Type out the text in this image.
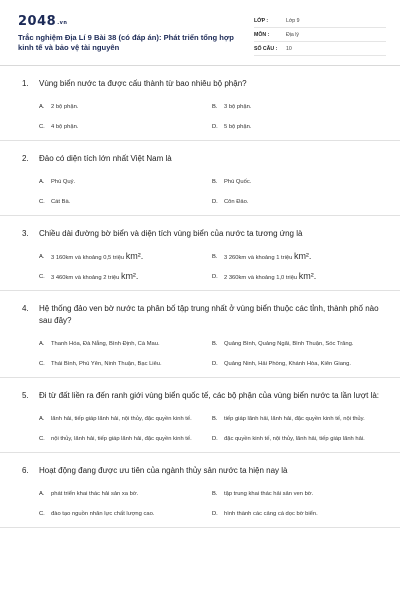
$2048^{.vn}$
Trắc nghiệm Địa Lí 9 Bài 38 (có đáp án): Phát triển tổng hợp kinh tế và bảo vệ tài nguyên
LỚP :	Lớp 9
MÔN :	Địa lý
SỐ CÂU :	10
1.	Vùng biển nước ta được cấu thành từ bao nhiêu bộ phận?
A.	2 bộ phận.	B.	3 bộ phận.
C.	4 bộ phận.	D.	5 bộ phận.
2.	Đảo có diện tích lớn nhất Việt Nam là
A.	Phú Quý.	B.	Phú Quốc.
C.	Cát Bà.	D.	Côn Đảo.
3.	Chiều dài đường bờ biển và diện tích vùng biển của nước ta tương ứng là
A.	3 160km và khoảng 0,5 triệu km².	B.	3 260km và khoảng 1 triệu km².
C.	3 460km và khoảng 2 triệu km².	D.	2 360km và khoảng 1,0 triệu km².
4.	Hệ thống đảo ven bờ nước ta phân bố tập trung nhất ở vùng biển thuộc các tỉnh, thành phố nào sau đây?
A.	Thanh Hóa, Đà Nẵng, Bình Định, Cà Mau.	B.	Quảng Bình, Quảng Ngãi, Bình Thuận, Sóc Trăng.
C.	Thái Bình, Phú Yên, Ninh Thuận, Bạc Liêu.	D.	Quảng Ninh, Hải Phòng, Khánh Hòa, Kiên Giang.
5.	Đi từ đất liền ra đến ranh giới vùng biển quốc tế, các bộ phận của vùng biển nước ta lần lượt là:
A.	lãnh hải, tiếp giáp lãnh hải, nội thủy, đặc quyền kinh tế.	B.	tiếp giáp lãnh hải, lãnh hải, đặc quyền kinh tế, nội thủy.
C.	nội thủy, lãnh hải, tiếp giáp lãnh hải, đặc quyền kinh tế.	D.	đặc quyền kinh tế, nội thủy, lãnh hải, tiếp giáp lãnh hải.
6.	Hoạt động đang được ưu tiên của ngành thủy sản nước ta hiện nay là
A.	phát triển khai thác hải sản xa bờ.	B.	tập trung khai thác hải sản ven bờ.
C.	đào tạo nguồn nhân lực chất lượng cao.	D.	hình thành các cảng cá dọc bờ biển.
